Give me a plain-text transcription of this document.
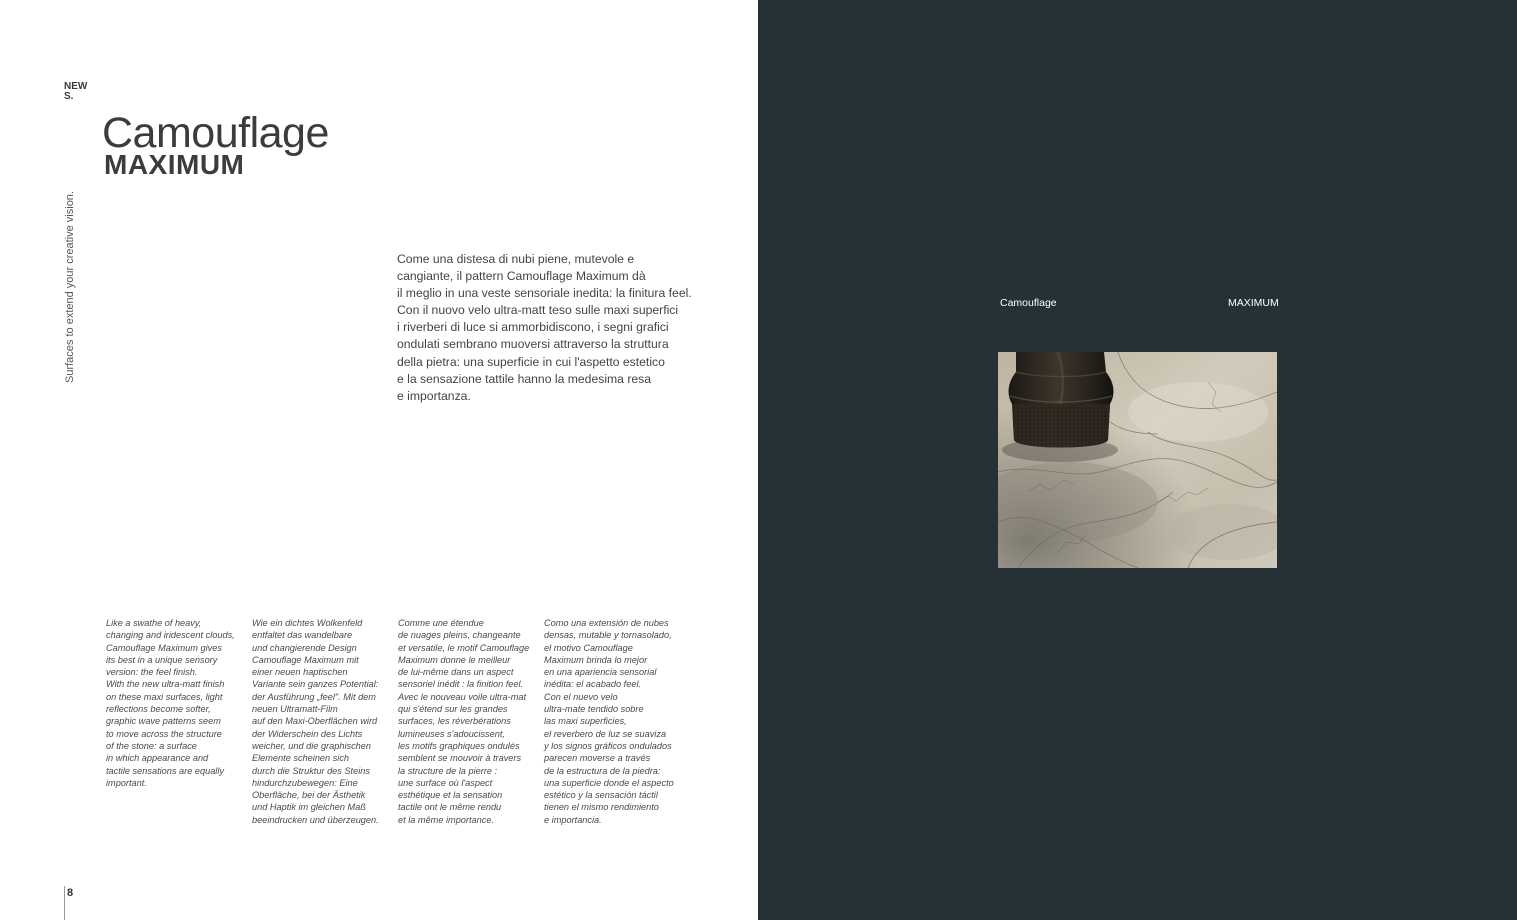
NEW
S.
Surfaces to extend your creative vision.
Camouflage
MAXIMUM
Come una distesa di nubi piene, mutevole e
cangiante, il pattern Camouflage Maximum dà
il meglio in una veste sensoriale inedita: la finitura feel.
Con il nuovo velo ultra-matt teso sulle maxi superfici
i riverberi di luce si ammorbidiscono, i segni grafici
ondulati sembrano muoversi attraverso la struttura
della pietra: una superficie in cui l'aspetto estetico
e la sensazione tattile hanno la medesima resa
e importanza.
Like a swathe of heavy,
changing and iridescent clouds,
Camouflage Maximum gives
its best in a unique sensory
version: the feel finish.
With the new ultra-matt finish
on these maxi surfaces, light
reflections become softer,
graphic wave patterns seem
to move across the structure
of the stone: a surface
in which appearance and
tactile sensations are equally
important.
Wie ein dichtes Wolkenfeld
entfaltet das wandelbare
und changierende Design
Camouflage Maximum mit
einer neuen haptischen
Variante sein ganzes Potential:
der Ausführung „feel". Mit dem
neuen Ultramatt-Film
auf den Maxi-Oberflächen wird
der Widerschein des Lichts
weicher, und die graphischen
Elemente scheinen sich
durch die Struktur des Steins
hindurchzubewegen: Eine
Oberfläche, bei der Ästhetik
und Haptik im gleichen Maß
beeindrucken und überzeugen.
Comme une étendue
de nuages pleins, changeante
et versatile, le motif Camouflage
Maximum donne le meilleur
de lui-même dans un aspect
sensoriel inédit : la finition feel.
Avec le nouveau voile ultra-mat
qui s'étend sur les grandes
surfaces, les réverbérations
lumineuses s'adoucissent,
les motifs graphiques ondulés
semblent se mouvoir à travers
la structure de la pierre :
une surface où l'aspect
esthétique et la sensation
tactile ont le même rendu
et la même importance.
Como una extensión de nubes
densas, mutable y tornasolado,
el motivo Camouflage
Maximum brinda lo mejor
en una apariencia sensorial
inédita: el acabado feel.
Con el nuevo velo
ultra-mate tendido sobre
las maxi superficies,
el reverbero de luz se suaviza
y los signos gráficos ondulados
parecen moverse a través
de la estructura de la piedra:
una superficie donde el aspecto
estético y la sensación táctil
tienen el mismo rendimiento
e importancia.
8
Camouflage	MAXIMUM
